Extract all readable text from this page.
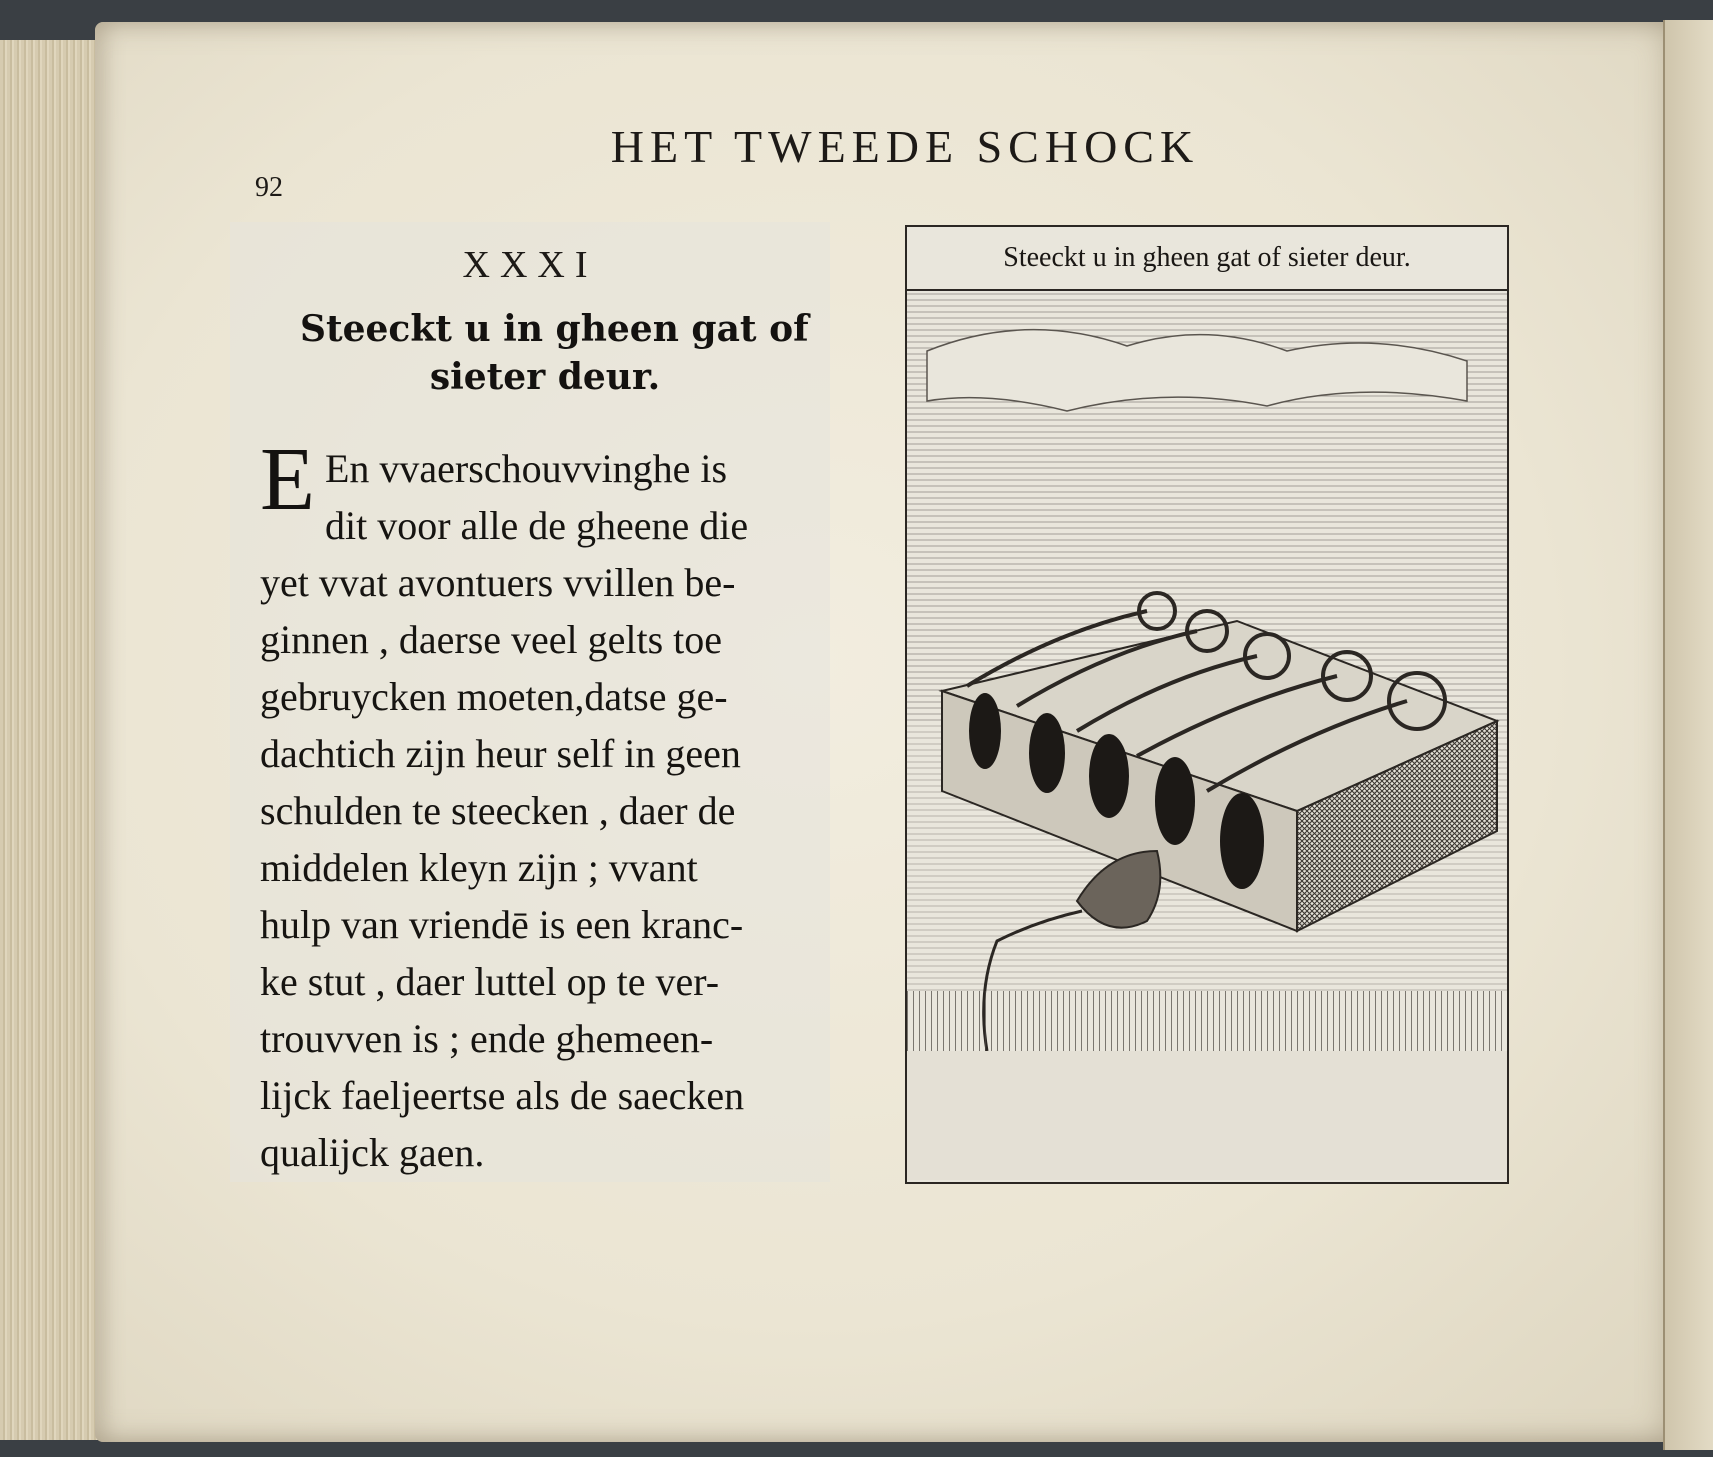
92
HET TWEEDE SCHOCK
XXXI
Steeckt u in gheen gat of
sieter deur.
E En vvaerschouvvinghe is
dit voor alle de gheene die
yet vvat avontuers vvillen be-
ginnen , daerse veel gelts toe
gebruycken moeten,datse ge-
dachtich zijn heur self in geen
schulden te steecken , daer de
middelen kleyn zijn ; vvant
hulp van vriendē is een kranc-
ke stut , daer luttel op te ver-
trouvven is ; ende ghemeen-
lijck faeljeertse als de saecken
qualijck gaen.
Steeckt u in gheen gat of sieter deur.
